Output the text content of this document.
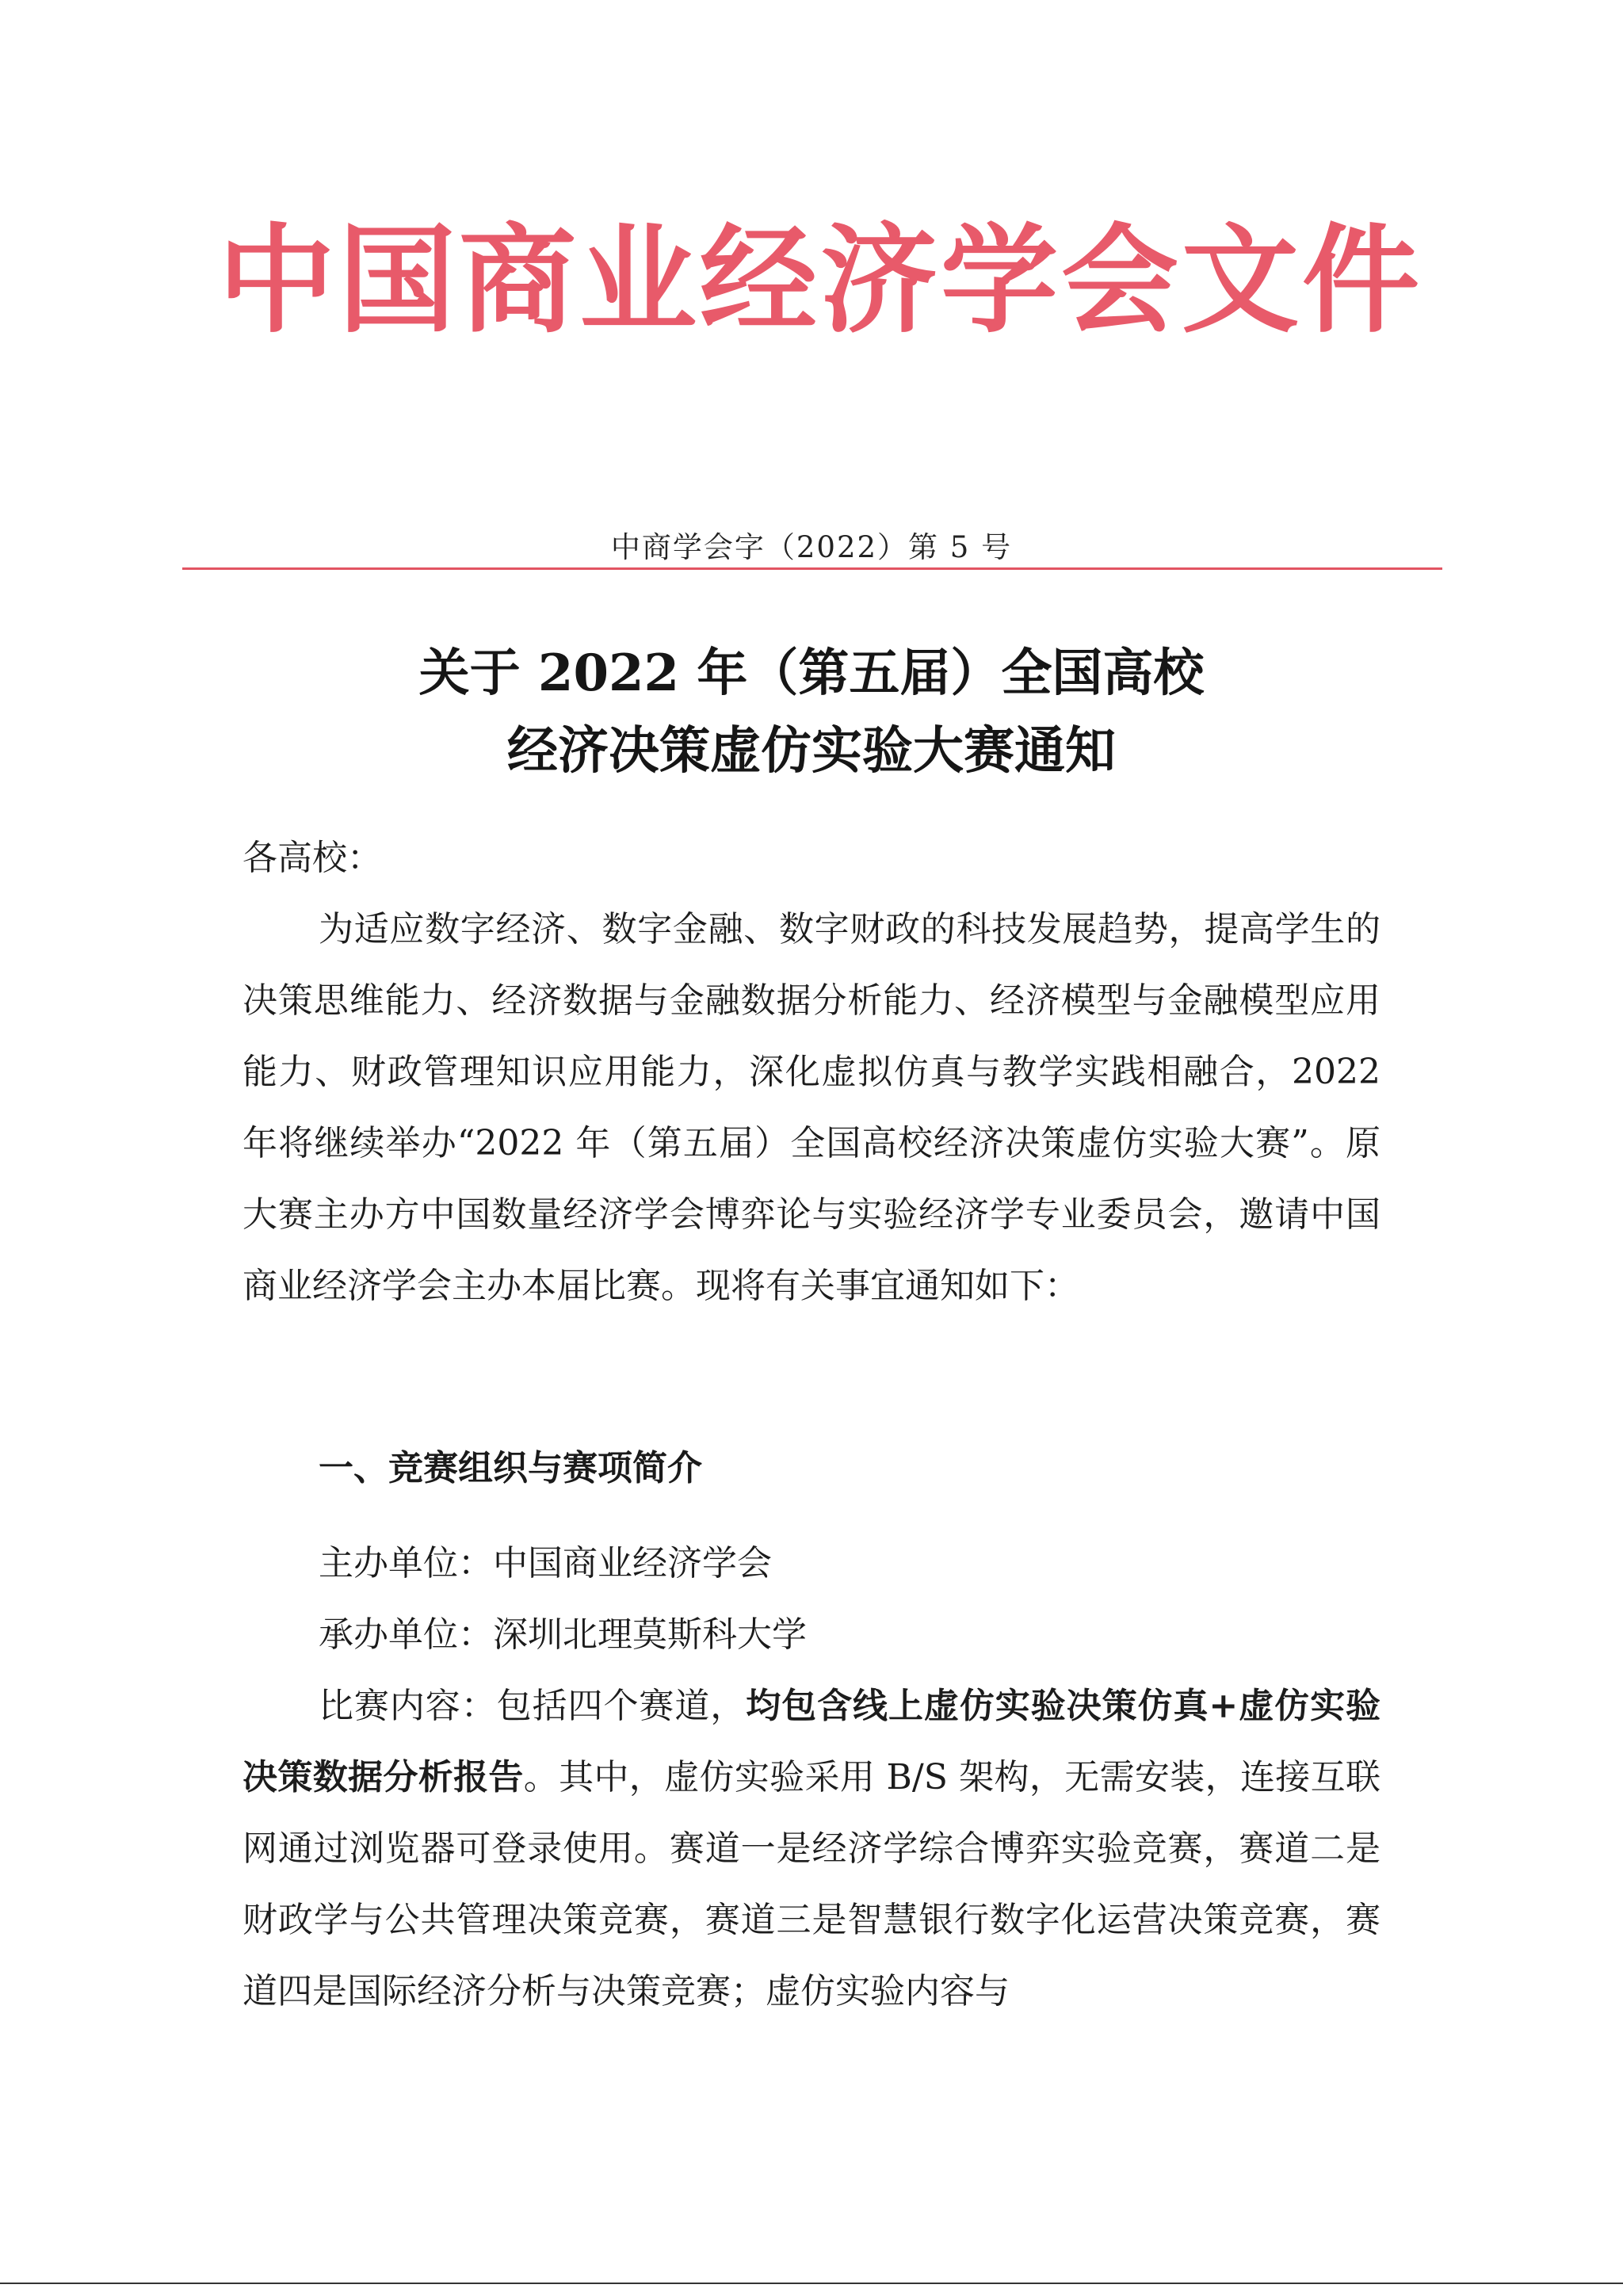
中国商业经济学会文件
中商学会字（2022）第 5 号
关于 2022 年（第五届）全国高校
经济决策虚仿实验大赛通知
各高校：
为适应数字经济、数字金融、数字财政的科技发展趋势，提高学生的决策思维能力、经济数据与金融数据分析能力、经济模型与金融模型应用能力、财政管理知识应用能力，深化虚拟仿真与教学实践相融合，2022 年将继续举办“2022 年（第五届）全国高校经济决策虚仿实验大赛”。原大赛主办方中国数量经济学会博弈论与实验经济学专业委员会，邀请中国商业经济学会主办本届比赛。现将有关事宜通知如下：
一、竞赛组织与赛项简介
主办单位：中国商业经济学会
承办单位：深圳北理莫斯科大学
比赛内容：包括四个赛道，均包含线上虚仿实验决策仿真+虚仿实验决策数据分析报告。其中，虚仿实验采用 B/S 架构，无需安装，连接互联网通过浏览器可登录使用。赛道一是经济学综合博弈实验竞赛，赛道二是财政学与公共管理决策竞赛，赛道三是智慧银行数字化运营决策竞赛，赛道四是国际经济分析与决策竞赛；虚仿实验内容与
